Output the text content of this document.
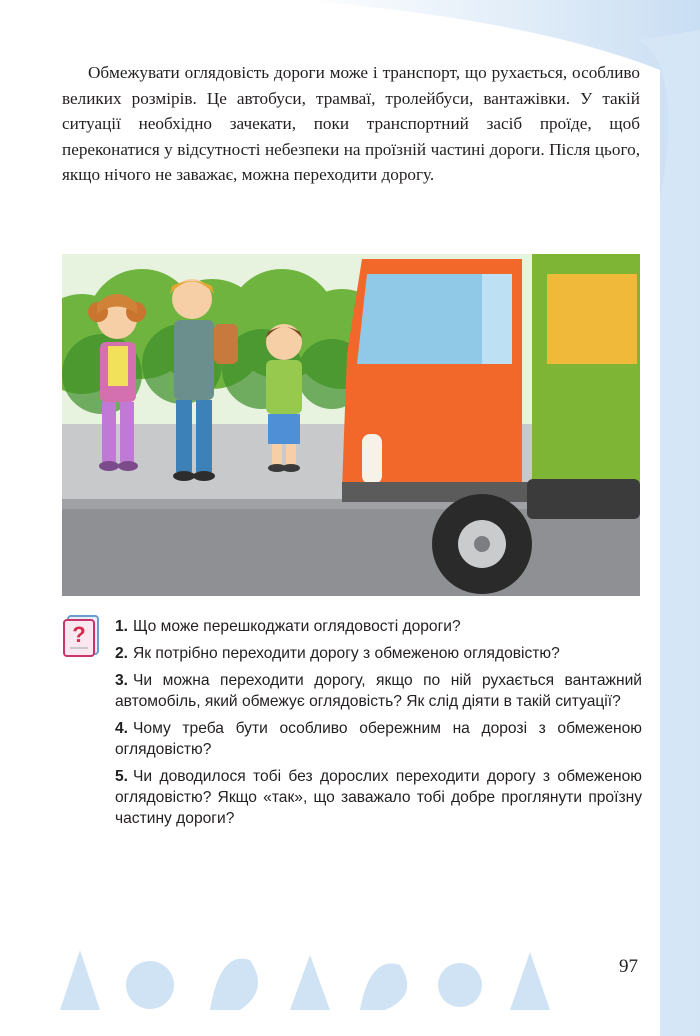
Обмежувати оглядовість дороги може і транспорт, що рухається, особливо великих розмірів. Це автобуси, трамваї, тролейбуси, вантажівки. У такій ситуації необхідно зачекати, поки транспортний засіб проїде, щоб переконатися у відсутності небезпеки на проїзній частині дороги. Після цього, якщо нічого не заважає, можна переходити дорогу.

? 1. Що може перешкоджати оглядовості дороги?
2. Як потрібно переходити дорогу з обмеженою оглядовістю?
3. Чи можна переходити дорогу, якщо по ній рухається вантажний автомобіль, який обмежує оглядовість? Як слід діяти в такій ситуації?
4. Чому треба бути особливо обережним на дорозі з обмеженою оглядовістю?
5. Чи доводилося тобі без дорослих переходити дорогу з обмеженою оглядовістю? Якщо «так», що заважало тобі добре проглянути проїзну частину дороги?
97
